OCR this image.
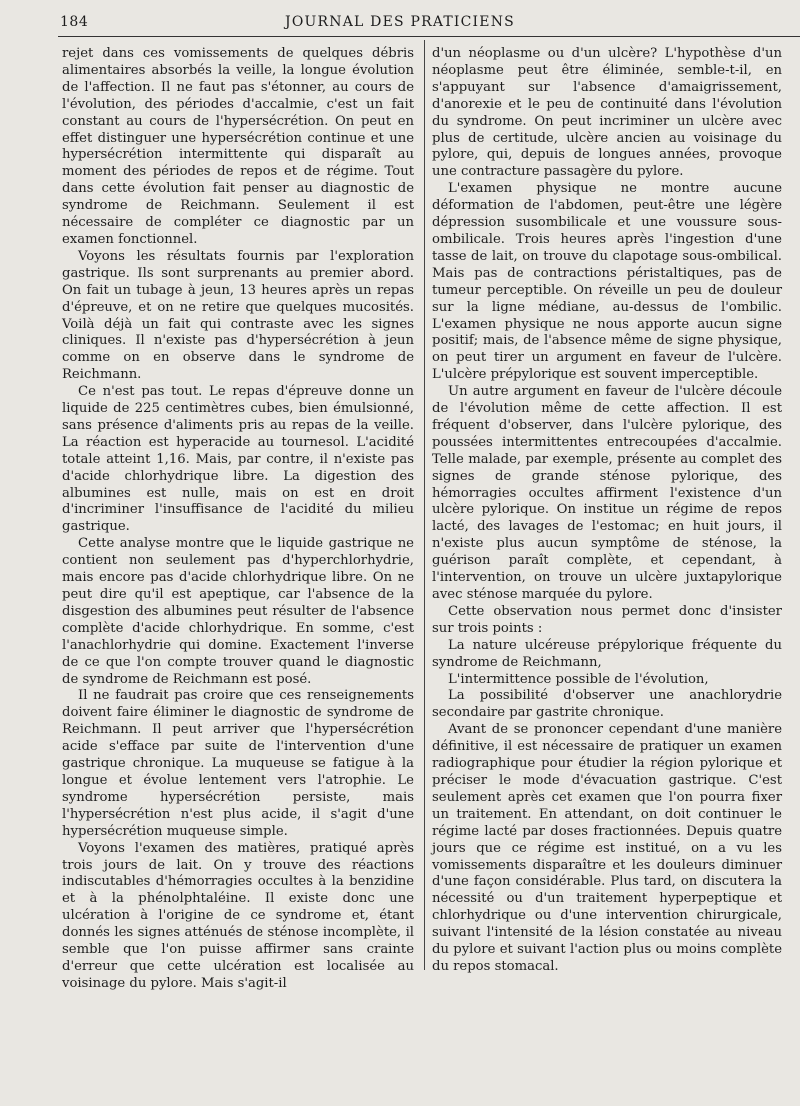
184	JOURNAL DES PRATICIENS

rejet dans ces vomissements de quelques débris alimentaires absorbés la veille, la longue évolution de l'affection. Il ne faut pas s'étonner, au cours de l'évolution, des périodes d'accalmie, c'est un fait constant au cours de l'hypersécrétion. On peut en effet distinguer une hypersécrétion continue et une hypersécrétion intermittente qui disparaît au moment des périodes de repos et de régime. Tout dans cette évolution fait penser au diagnostic de syndrome de Reichmann. Seulement il est nécessaire de compléter ce diagnostic par un examen fonctionnel.

Voyons les résultats fournis par l'exploration gastrique. Ils sont surprenants au premier abord. On fait un tubage à jeun, 13 heures après un repas d'épreuve, et on ne retire que quelques mucosités. Voilà déjà un fait qui contraste avec les signes cliniques. Il n'existe pas d'hypersécrétion à jeun comme on en observe dans le syndrome de Reichmann.

Ce n'est pas tout. Le repas d'épreuve donne un liquide de 225 centimètres cubes, bien émulsionné, sans présence d'aliments pris au repas de la veille. La réaction est hyperacide au tournesol. L'acidité totale atteint 1,16. Mais, par contre, il n'existe pas d'acide chlorhydrique libre. La digestion des albumines est nulle, mais on est en droit d'incriminer l'insuffisance de l'acidité du milieu gastrique.

Cette analyse montre que le liquide gastrique ne contient non seulement pas d'hyperchlorhydrie, mais encore pas d'acide chlorhydrique libre. On ne peut dire qu'il est apeptique, car l'absence de la disgestion des albumines peut résulter de l'absence complète d'acide chlorhydrique. En somme, c'est l'anachlorhydrie qui domine. Exactement l'inverse de ce que l'on compte trouver quand le diagnostic de syndrome de Reichmann est posé.

Il ne faudrait pas croire que ces renseignements doivent faire éliminer le diagnostic de syndrome de Reichmann. Il peut arriver que l'hypersécrétion acide s'efface par suite de l'intervention d'une gastrique chronique. La muqueuse se fatigue à la longue et évolue lentement vers l'atrophie. Le syndrome hypersécrétion persiste, mais l'hypersécrétion n'est plus acide, il s'agit d'une hypersécrétion muqueuse simple.

Voyons l'examen des matières, pratiqué après trois jours de lait. On y trouve des réactions indiscutables d'hémorragies occultes à la benzidine et à la phénolphtaléine. Il existe donc une ulcération à l'origine de ce syndrome et, étant donnés les signes atténués de sténose incomplète, il semble que l'on puisse affirmer sans crainte d'erreur que cette ulcération est localisée au voisinage du pylore. Mais s'agit-il

d'un néoplasme ou d'un ulcère? L'hypothèse d'un néoplasme peut être éliminée, semble-t-il, en s'appuyant sur l'absence d'amaigrissement, d'anorexie et le peu de continuité dans l'évolution du syndrome. On peut incriminer un ulcère avec plus de certitude, ulcère ancien au voisinage du pylore, qui, depuis de longues années, provoque une contracture passagère du pylore.

L'examen physique ne montre aucune déformation de l'abdomen, peut-être une légère dépression susombilicale et une voussure sous-ombilicale. Trois heures après l'ingestion d'une tasse de lait, on trouve du clapotage sous-ombilical. Mais pas de contractions péristaltiques, pas de tumeur perceptible. On réveille un peu de douleur sur la ligne médiane, au-dessus de l'ombilic. L'examen physique ne nous apporte aucun signe positif; mais, de l'absence même de signe physique, on peut tirer un argument en faveur de l'ulcère. L'ulcère prépylorique est souvent imperceptible.

Un autre argument en faveur de l'ulcère découle de l'évolution même de cette affection. Il est fréquent d'observer, dans l'ulcère pylorique, des poussées intermittentes entrecoupées d'accalmie. Telle malade, par exemple, présente au complet des signes de grande sténose pylorique, des hémorragies occultes affirment l'existence d'un ulcère pylorique. On institue un régime de repos lacté, des lavages de l'estomac; en huit jours, il n'existe plus aucun symptôme de sténose, la guérison paraît complète, et cependant, à l'intervention, on trouve un ulcère juxtapylorique avec sténose marquée du pylore.

Cette observation nous permet donc d'insister sur trois points :

La nature ulcéreuse prépylorique fréquente du syndrome de Reichmann,

L'intermittence possible de l'évolution,

La possibilité d'observer une anachlorydrie secondaire par gastrite chronique.

Avant de se prononcer cependant d'une manière définitive, il est nécessaire de pratiquer un examen radiographique pour étudier la région pylorique et préciser le mode d'évacuation gastrique. C'est seulement après cet examen que l'on pourra fixer un traitement. En attendant, on doit continuer le régime lacté par doses fractionnées. Depuis quatre jours que ce régime est institué, on a vu les vomissements disparaître et les douleurs diminuer d'une façon considérable. Plus tard, on discutera la nécessité ou d'un traitement hyperpeptique et chlorhydrique ou d'une intervention chirurgicale, suivant l'intensité de la lésion constatée au niveau du pylore et suivant l'action plus ou moins complète du repos stomacal.
